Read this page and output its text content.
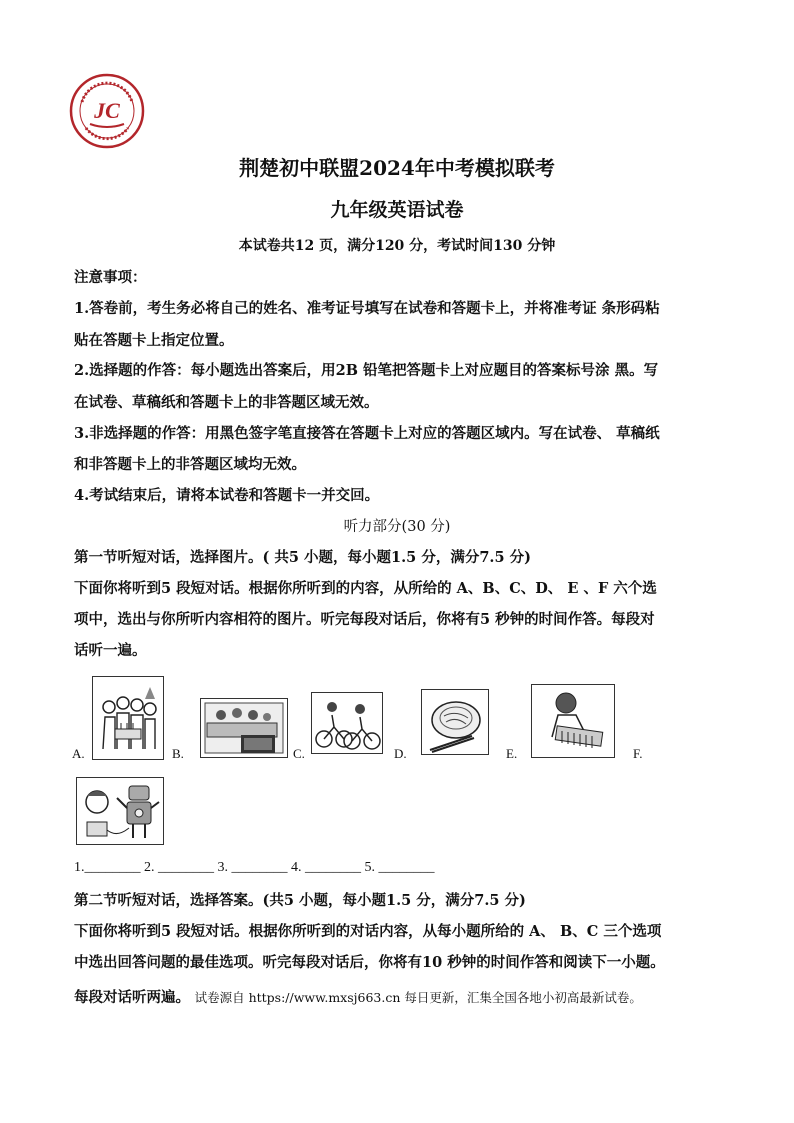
JC
荆楚初中联盟2024年中考模拟联考
九年级英语试卷
本试卷共12 页，满分120 分，考试时间130 分钟
注意事项：
1.答卷前，考生务必将自己的姓名、准考证号填写在试卷和答题卡上，并将准考证 条形码粘
贴在答题卡上指定位置。
2.选择题的作答：每小题选出答案后，用2B 铅笔把答题卡上对应题目的答案标号涂 黑。写
在试卷、草稿纸和答题卡上的非答题区域无效。
3.非选择题的作答：用黑色签字笔直接答在答题卡上对应的答题区域内。写在试卷、 草稿纸
和非答题卡上的非答题区域均无效。
4.考试结束后，请将本试卷和答题卡一并交回。
听力部分(30 分)
第一节听短对话，选择图片。( 共5 小题，每小题1.5 分，满分7.5 分)
下面你将听到5 段短对话。根据你所听到的内容，从所给的 A、B、C、D、 E 、F 六个选
项中，选出与你所听内容相符的图片。听完每段对话后，你将有5 秒钟的时间作答。每段对
话听一遍。
A.	B.	C.	D.	E.	F.
1.________ 2. ________ 3. ________ 4. ________ 5. ________
第二节听短对话，选择答案。(共5 小题，每小题1.5 分，满分7.5 分)
下面你将听到5 段短对话。根据你所听到的对话内容，从每小题所给的 A、 B、C 三个选项
中选出回答问题的最佳选项。听完每段对话后，你将有10 秒钟的时间作答和阅读下一小题。
每段对话听两遍。 试卷源自 https://www.mxsj663.cn 每日更新，汇集全国各地小初高最新试卷。
